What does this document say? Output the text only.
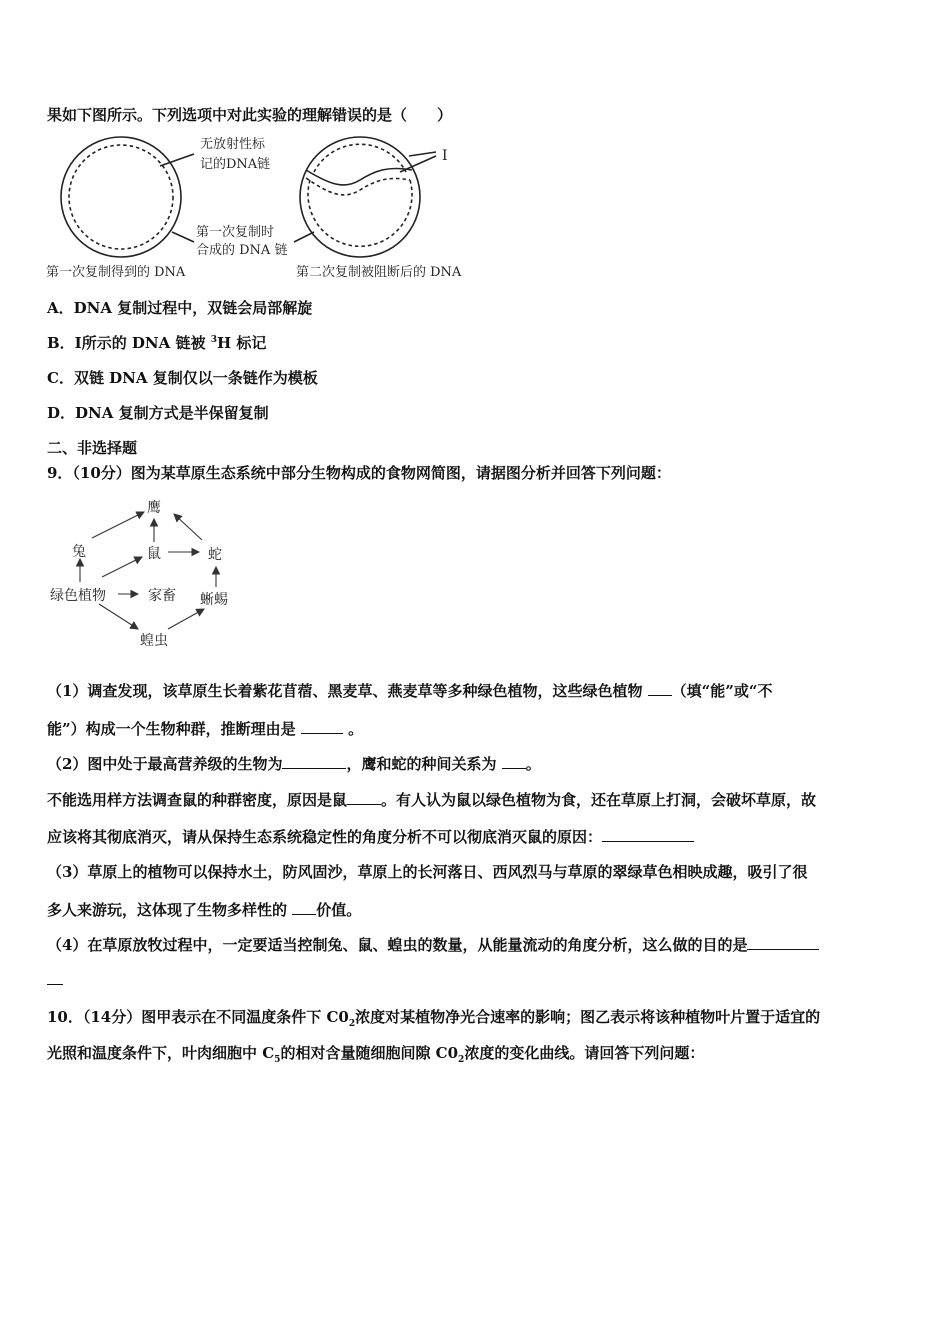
果如下图所示。下列选项中对此实验的理解错误的是（　　）
无放射性标
记的DNA链
Ⅰ
第一次复制时
合成的 DNA 链
第一次复制得到的 DNA	第二次复制被阻断后的 DNA
A．DNA 复制过程中，双链会局部解旋
B．Ⅰ所示的 DNA 链被 $^3$H 标记
C．双链 DNA 复制仅以一条链作为模板
D．DNA 复制方式是半保留复制
二、非选择题
9．（10分）图为某草原生态系统中部分生物构成的食物网简图，请据图分析并回答下列问题：
鹰
兔	鼠	蛇
绿色植物	家畜 蜥蜴
蝗虫
（1）调查发现，该草原生长着紫花苜蓿、黑麦草、燕麦草等多种绿色植物，这些绿色植物 （填“能”或“不
能”）构成一个生物种群，推断理由是	。
（2）图中处于最高营养级的生物为	，鹰和蛇的种间关系为 。
不能选用样方法调查鼠的种群密度，原因是鼠 。有人认为鼠以绿色植物为食，还在草原上打洞，会破坏草原，故
应该将其彻底消灭，请从保持生态系统稳定性的角度分析不可以彻底消灭鼠的原因：
（3）草原上的植物可以保持水土，防风固沙，草原上的长河落日、西风烈马与草原的翠绿草色相映成趣，吸引了很
多人来游玩，这体现了生物多样性的 价值。
（4）在草原放牧过程中，一定要适当控制兔、鼠、蝗虫的数量，从能量流动的角度分析，这么做的目的是
10．（14分）图甲表示在不同温度条件下 $C0_2$浓度对某植物净光合速率的影响；图乙表示将该种植物叶片置于适宜的
光照和温度条件下，叶肉细胞中 $C_5$的相对含量随细胞间隙 $C0_2$浓度的变化曲线。请回答下列问题：
